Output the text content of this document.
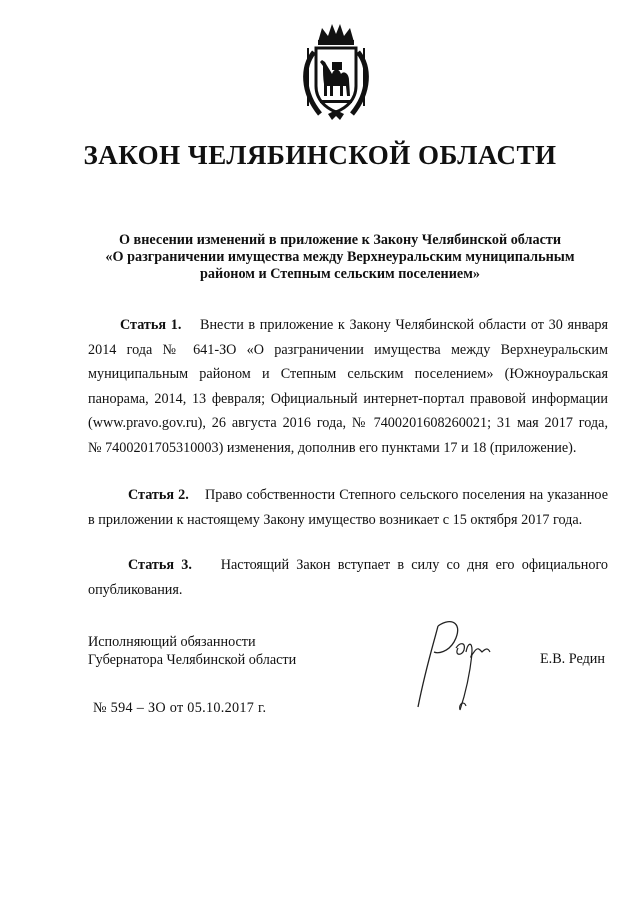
ЗАКОН ЧЕЛЯБИНСКОЙ ОБЛАСТИ
О внесении изменений в приложение к Закону Челябинской области
«О разграничении имущества между Верхнеуральским муниципальным
районом и Степным сельским поселением»
Статья 1. Внести в приложение к Закону Челябинской области от 30 января
2014 года № 641-ЗО «О разграничении имущества между Верхнеуральским
муниципальным районом и Степным сельским поселением» (Южноуральская
панорама, 2014, 13 февраля; Официальный интернет-портал правовой информации
(www.pravo.gov.ru), 26 августа 2016 года, № 7400201608260021; 31 мая 2017 года,
№ 7400201705310003) изменения, дополнив его пунктами 17 и 18 (приложение).
Статья 2. Право собственности Степного сельского поселения на указанное
в приложении к настоящему Закону имущество возникает с 15 октября 2017 года.
Статья 3. Настоящий Закон вступает в силу со дня его официального
опубликования.
Исполняющий обязанности
Губернатора Челябинской области	Е.В. Редин
№ 594 – ЗО от 05.10.2017 г.
